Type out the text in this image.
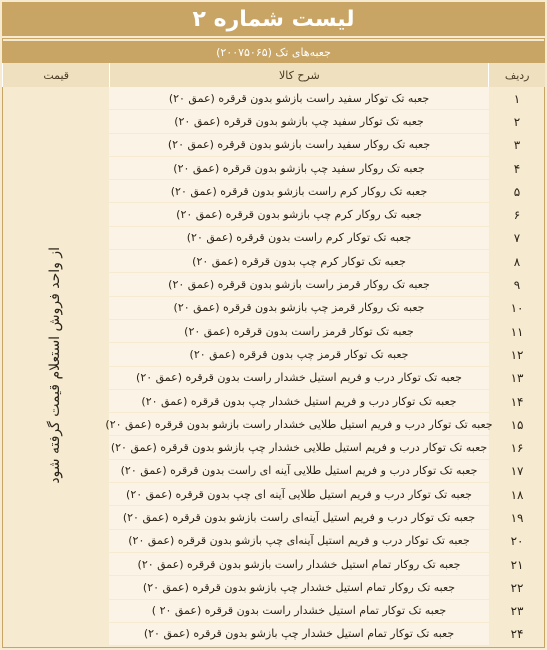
لیست شماره ۲
جعبه‌های تک (۲۰۰۷۵۰۶۵)
ردیف
شرح کالا
قیمت
۱
جعبه تک توکار سفید راست بازشو بدون قرقره (عمق ۲۰)
۲
جعبه تک توکار سفید چپ بازشو بدون قرقره (عمق ۲۰)
۳
جعبه تک روکار سفید راست بازشو بدون قرقره (عمق ۲۰)
۴
جعبه تک روکار سفید چپ بازشو بدون قرقره (عمق ۲۰)
۵
جعبه تک روکار کرم راست بازشو بدون قرقره (عمق ۲۰)
۶
جعبه تک روکار کرم چپ بازشو بدون قرقره (عمق ۲۰)
۷
جعبه تک توکار کرم راست بدون قرقره (عمق ۲۰)
۸
جعبه تک توکار کرم چپ بدون قرقره (عمق ۲۰)
۹
جعبه تک روکار قرمز راست بازشو بدون قرقره (عمق ۲۰)
۱۰
جعبه تک روکار قرمز چپ بازشو بدون قرقره (عمق ۲۰)
۱۱
جعبه تک توکار قرمز راست بدون قرقره (عمق ۲۰)
۱۲
جعبه تک توکار قرمز چپ بدون قرقره (عمق ۲۰)
۱۳
جعبه تک توکار درب و فریم استیل خشدار راست بدون قرقره (عمق ۲۰)
۱۴
جعبه تک توکار درب و فریم استیل خشدار چپ بدون قرقره (عمق ۲۰)
۱۵
جعبه تک توکار درب و فریم استیل طلایی خشدار راست بازشو بدون قرقره (عمق ۲۰)
۱۶
جعبه تک توکار درب و فریم استیل طلایی خشدار چپ بازشو بدون قرقره (عمق ۲۰)
۱۷
جعبه تک توکار درب و فریم استیل طلایی آینه ای راست بدون قرقره (عمق ۲۰)
۱۸
جعبه تک توکار درب و فریم استیل طلایی آینه ای چپ بدون قرقره (عمق ۲۰)
۱۹
جعبه تک توکار درب و فریم استیل آینه‌ای راست بازشو بدون قرقره (عمق ۲۰)
۲۰
جعبه تک توکار درب و فریم استیل آینه‌ای چپ بازشو بدون قرقره (عمق ۲۰)
۲۱
جعبه تک روکار تمام استیل خشدار راست بازشو بدون قرقره (عمق ۲۰)
۲۲
جعبه تک روکار تمام استیل خشدار چپ بازشو بدون قرقره (عمق ۲۰)
۲۳
جعبه تک توکار تمام استیل خشدار راست بدون قرقره (عمق ۲۰ )
۲۴
جعبه تک توکار تمام استیل خشدار چپ بازشو بدون قرقره (عمق ۲۰)
از واحد فروش استعلام قیمت گرفته شود
